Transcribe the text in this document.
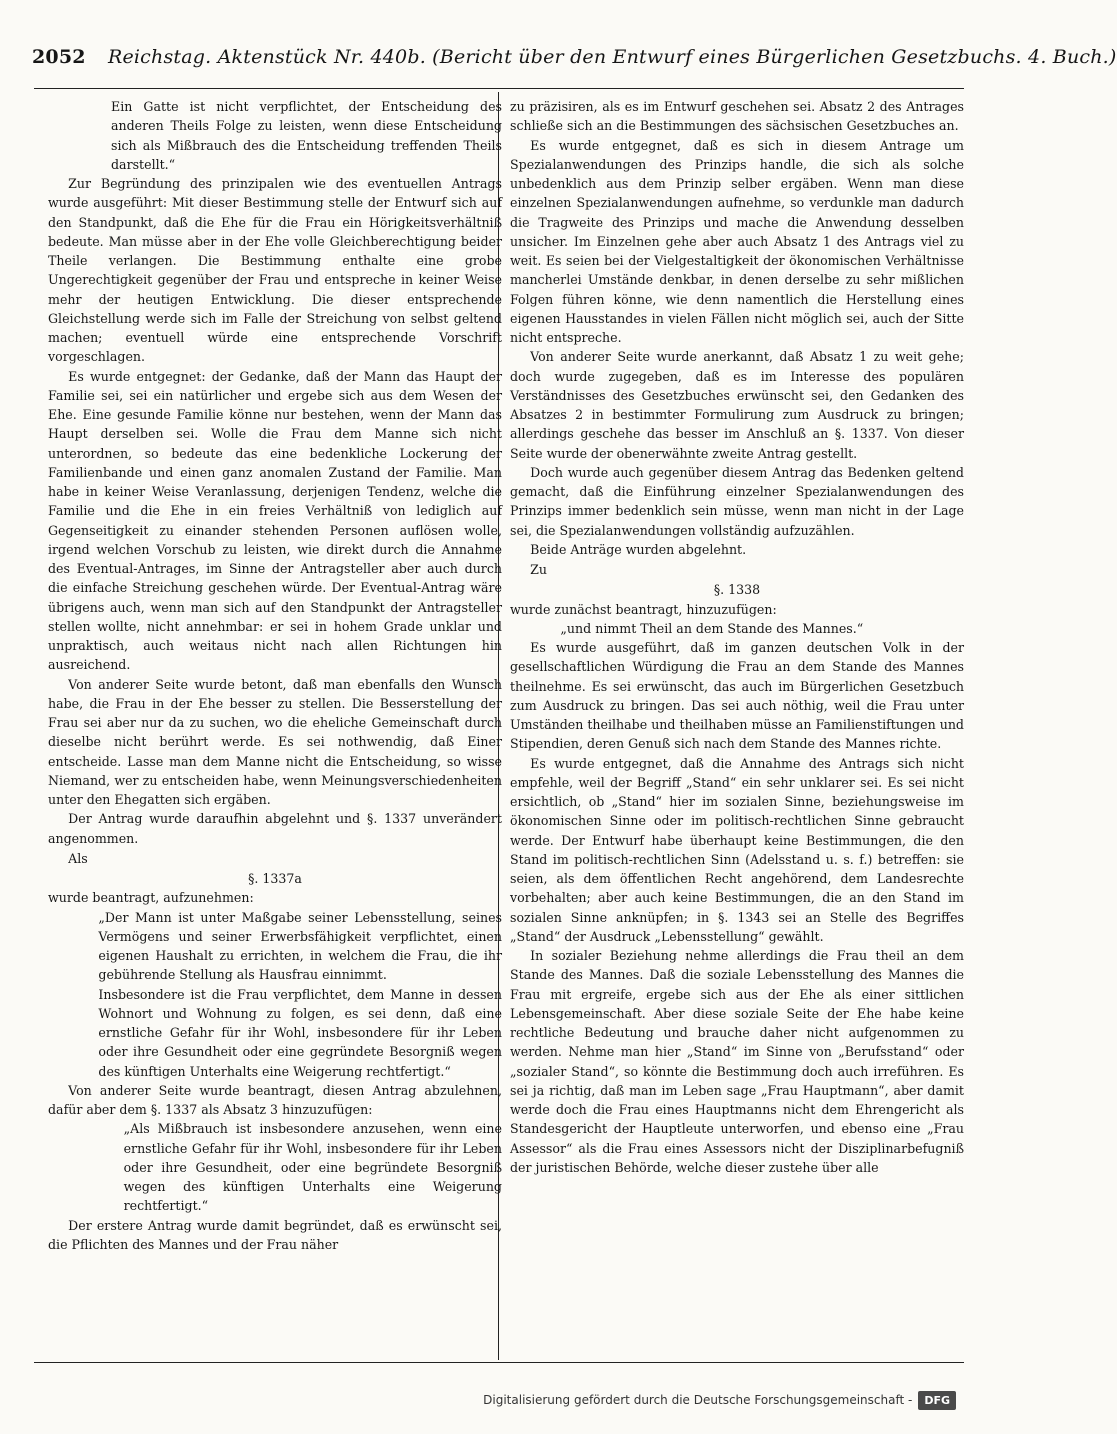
2052 Reichstag. Aktenstück Nr. 440b. (Bericht über den Entwurf eines Bürgerlichen Gesetzbuchs. 4. Buch.)

Ein Gatte ist nicht verpflichtet, der Entscheidung des anderen Theils Folge zu leisten, wenn diese Entscheidung sich als Mißbrauch des die Entscheidung treffenden Theils darstellt.“

Zur Begründung des prinzipalen wie des eventuellen Antrags wurde ausgeführt: Mit dieser Bestimmung stelle der Entwurf sich auf den Standpunkt, daß die Ehe für die Frau ein Hörigkeitsverhältniß bedeute. Man müsse aber in der Ehe volle Gleichberechtigung beider Theile verlangen. Die Bestimmung enthalte eine grobe Ungerechtigkeit gegenüber der Frau und entspreche in keiner Weise mehr der heutigen Entwicklung. Die dieser entsprechende Gleichstellung werde sich im Falle der Streichung von selbst geltend machen; eventuell würde eine entsprechende Vorschrift vorgeschlagen.

Es wurde entgegnet: der Gedanke, daß der Mann das Haupt der Familie sei, sei ein natürlicher und ergebe sich aus dem Wesen der Ehe. Eine gesunde Familie könne nur bestehen, wenn der Mann das Haupt derselben sei. Wolle die Frau dem Manne sich nicht unterordnen, so bedeute das eine bedenkliche Lockerung der Familienbande und einen ganz anomalen Zustand der Familie. Man habe in keiner Weise Veranlassung, derjenigen Tendenz, welche die Familie und die Ehe in ein freies Verhältniß von lediglich auf Gegenseitigkeit zu einander stehenden Personen auflösen wolle, irgend welchen Vorschub zu leisten, wie direkt durch die Annahme des Eventual-Antrages, im Sinne der Antragsteller aber auch durch die einfache Streichung geschehen würde. Der Eventual-Antrag wäre übrigens auch, wenn man sich auf den Standpunkt der Antragsteller stellen wollte, nicht annehmbar: er sei in hohem Grade unklar und unpraktisch, auch weitaus nicht nach allen Richtungen hin ausreichend.

Von anderer Seite wurde betont, daß man ebenfalls den Wunsch habe, die Frau in der Ehe besser zu stellen. Die Besserstellung der Frau sei aber nur da zu suchen, wo die eheliche Gemeinschaft durch dieselbe nicht berührt werde. Es sei nothwendig, daß Einer entscheide. Lasse man dem Manne nicht die Entscheidung, so wisse Niemand, wer zu entscheiden habe, wenn Meinungsverschiedenheiten unter den Ehegatten sich ergäben.

Der Antrag wurde daraufhin abgelehnt und §. 1337 unverändert angenommen.

Als

§. 1337a

wurde beantragt, aufzunehmen:

„Der Mann ist unter Maßgabe seiner Lebensstellung, seines Vermögens und seiner Erwerbsfähigkeit verpflichtet, einen eigenen Haushalt zu errichten, in welchem die Frau, die ihr gebührende Stellung als Hausfrau einnimmt.

Insbesondere ist die Frau verpflichtet, dem Manne in dessen Wohnort und Wohnung zu folgen, es sei denn, daß eine ernstliche Gefahr für ihr Wohl, insbesondere für ihr Leben oder ihre Gesundheit oder eine gegründete Besorgniß wegen des künftigen Unterhalts eine Weigerung rechtfertigt.“

Von anderer Seite wurde beantragt, diesen Antrag abzulehnen, dafür aber dem §. 1337 als Absatz 3 hinzuzufügen:

„Als Mißbrauch ist insbesondere anzusehen, wenn eine ernstliche Gefahr für ihr Wohl, insbesondere für ihr Leben oder ihre Gesundheit, oder eine begründete Besorgniß wegen des künftigen Unterhalts eine Weigerung rechtfertigt.“

Der erstere Antrag wurde damit begründet, daß es erwünscht sei, die Pflichten des Mannes und der Frau näher

zu präzisiren, als es im Entwurf geschehen sei. Absatz 2 des Antrages schließe sich an die Bestimmungen des sächsischen Gesetzbuches an.

Es wurde entgegnet, daß es sich in diesem Antrage um Spezialanwendungen des Prinzips handle, die sich als solche unbedenklich aus dem Prinzip selber ergäben. Wenn man diese einzelnen Spezialanwendungen aufnehme, so verdunkle man dadurch die Tragweite des Prinzips und mache die Anwendung desselben unsicher. Im Einzelnen gehe aber auch Absatz 1 des Antrags viel zu weit. Es seien bei der Vielgestaltigkeit der ökonomischen Verhältnisse mancherlei Umstände denkbar, in denen derselbe zu sehr mißlichen Folgen führen könne, wie denn namentlich die Herstellung eines eigenen Hausstandes in vielen Fällen nicht möglich sei, auch der Sitte nicht entspreche.

Von anderer Seite wurde anerkannt, daß Absatz 1 zu weit gehe; doch wurde zugegeben, daß es im Interesse des populären Verständnisses des Gesetzbuches erwünscht sei, den Gedanken des Absatzes 2 in bestimmter Formulirung zum Ausdruck zu bringen; allerdings geschehe das besser im Anschluß an §. 1337. Von dieser Seite wurde der obenerwähnte zweite Antrag gestellt.

Doch wurde auch gegenüber diesem Antrag das Bedenken geltend gemacht, daß die Einführung einzelner Spezialanwendungen des Prinzips immer bedenklich sein müsse, wenn man nicht in der Lage sei, die Spezialanwendungen vollständig aufzuzählen.

Beide Anträge wurden abgelehnt.

Zu

§. 1338

wurde zunächst beantragt, hinzuzufügen:

„und nimmt Theil an dem Stande des Mannes.“

Es wurde ausgeführt, daß im ganzen deutschen Volk in der gesellschaftlichen Würdigung die Frau an dem Stande des Mannes theilnehme. Es sei erwünscht, das auch im Bürgerlichen Gesetzbuch zum Ausdruck zu bringen. Das sei auch nöthig, weil die Frau unter Umständen theilhabe und theilhaben müsse an Familienstiftungen und Stipendien, deren Genuß sich nach dem Stande des Mannes richte.

Es wurde entgegnet, daß die Annahme des Antrags sich nicht empfehle, weil der Begriff „Stand“ ein sehr unklarer sei. Es sei nicht ersichtlich, ob „Stand“ hier im sozialen Sinne, beziehungsweise im ökonomischen Sinne oder im politisch-rechtlichen Sinne gebraucht werde. Der Entwurf habe überhaupt keine Bestimmungen, die den Stand im politisch-rechtlichen Sinn (Adelsstand u. s. f.) betreffen: sie seien, als dem öffentlichen Recht angehörend, dem Landesrechte vorbehalten; aber auch keine Bestimmungen, die an den Stand im sozialen Sinne anknüpfen; in §. 1343 sei an Stelle des Begriffes „Stand“ der Ausdruck „Lebensstellung“ gewählt.

In sozialer Beziehung nehme allerdings die Frau theil an dem Stande des Mannes. Daß die soziale Lebensstellung des Mannes die Frau mit ergreife, ergebe sich aus der Ehe als einer sittlichen Lebensgemeinschaft. Aber diese soziale Seite der Ehe habe keine rechtliche Bedeutung und brauche daher nicht aufgenommen zu werden. Nehme man hier „Stand“ im Sinne von „Berufsstand“ oder „sozialer Stand“, so könnte die Bestimmung doch auch irreführen. Es sei ja richtig, daß man im Leben sage „Frau Hauptmann“, aber damit werde doch die Frau eines Hauptmanns nicht dem Ehrengericht als Standesgericht der Hauptleute unterworfen, und ebenso eine „Frau Assessor“ als die Frau eines Assessors nicht der Disziplinarbefugniß der juristischen Behörde, welche dieser zustehe über alle

Digitalisierung gefördert durch die Deutsche Forschungsgemeinschaft -	DFG
